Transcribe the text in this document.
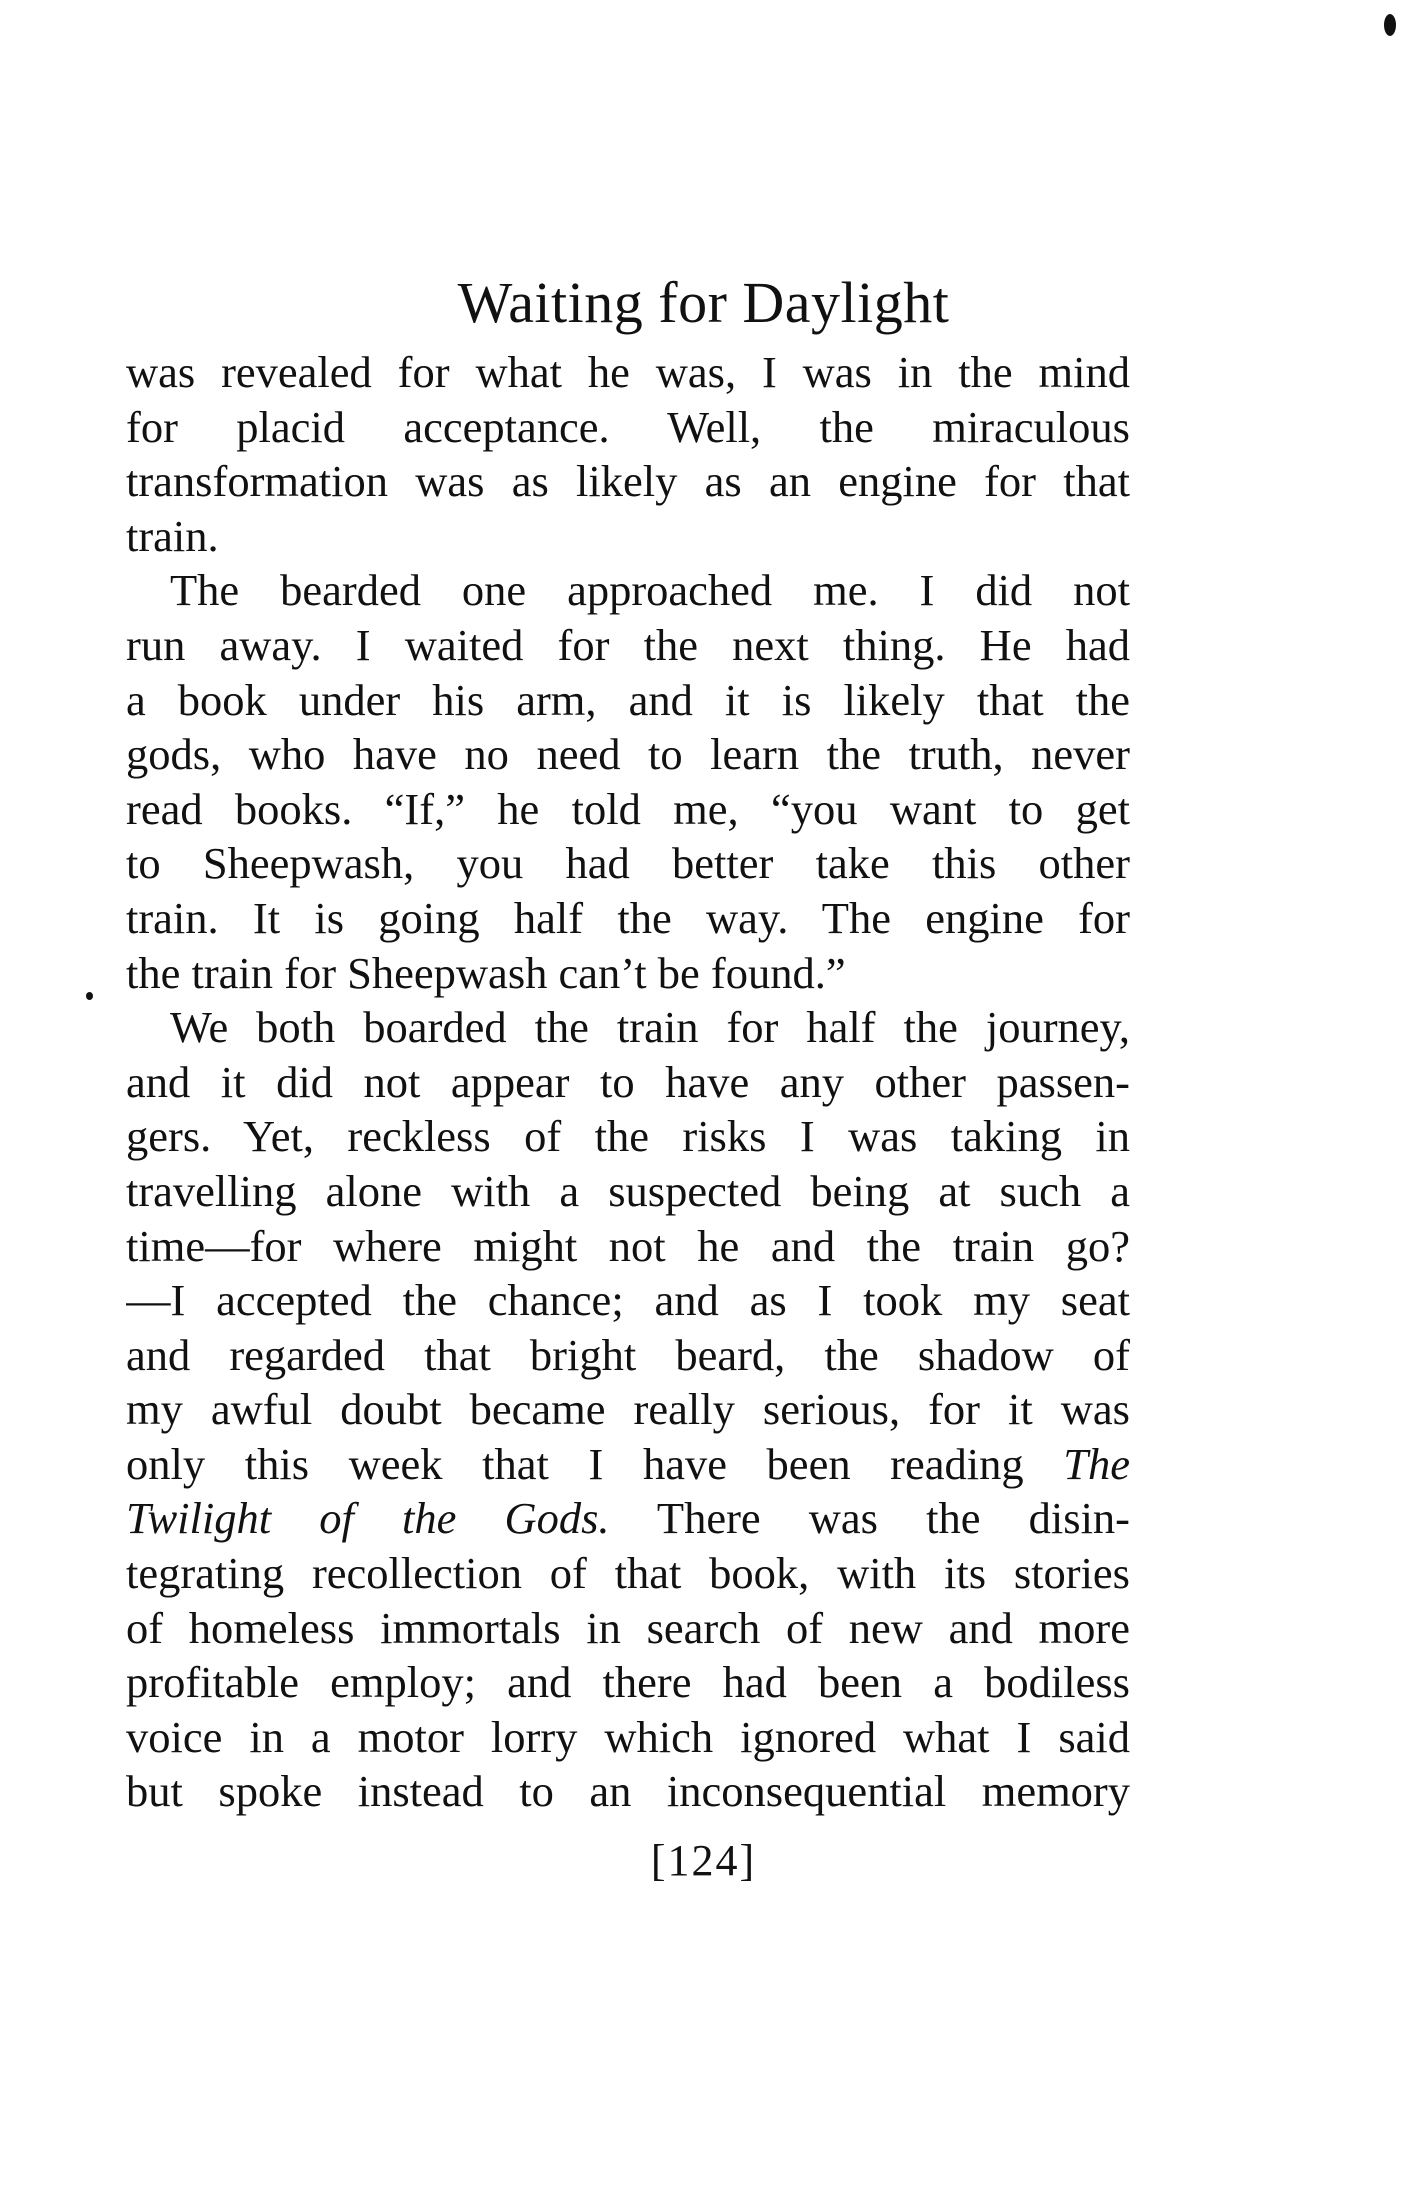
Waiting for Daylight
was revealed for what he was, I was in the mind
for placid acceptance. Well, the miraculous
transformation was as likely as an engine for that
train.
The bearded one approached me. I did not
run away. I waited for the next thing. He had
a book under his arm, and it is likely that the
gods, who have no need to learn the truth, never
read books. “If,” he told me, “you want to get
to Sheepwash, you had better take this other
train. It is going half the way. The engine for
the train for Sheepwash can’t be found.”
We both boarded the train for half the journey,
and it did not appear to have any other passen-
gers. Yet, reckless of the risks I was taking in
travelling alone with a suspected being at such a
time—for where might not he and the train go?
—I accepted the chance; and as I took my seat
and regarded that bright beard, the shadow of
my awful doubt became really serious, for it was
only this week that I have been reading The
Twilight of the Gods. There was the disin-
tegrating recollection of that book, with its stories
of homeless immortals in search of new and more
profitable employ; and there had been a bodiless
voice in a motor lorry which ignored what I said
but spoke instead to an inconsequential memory
[124]
